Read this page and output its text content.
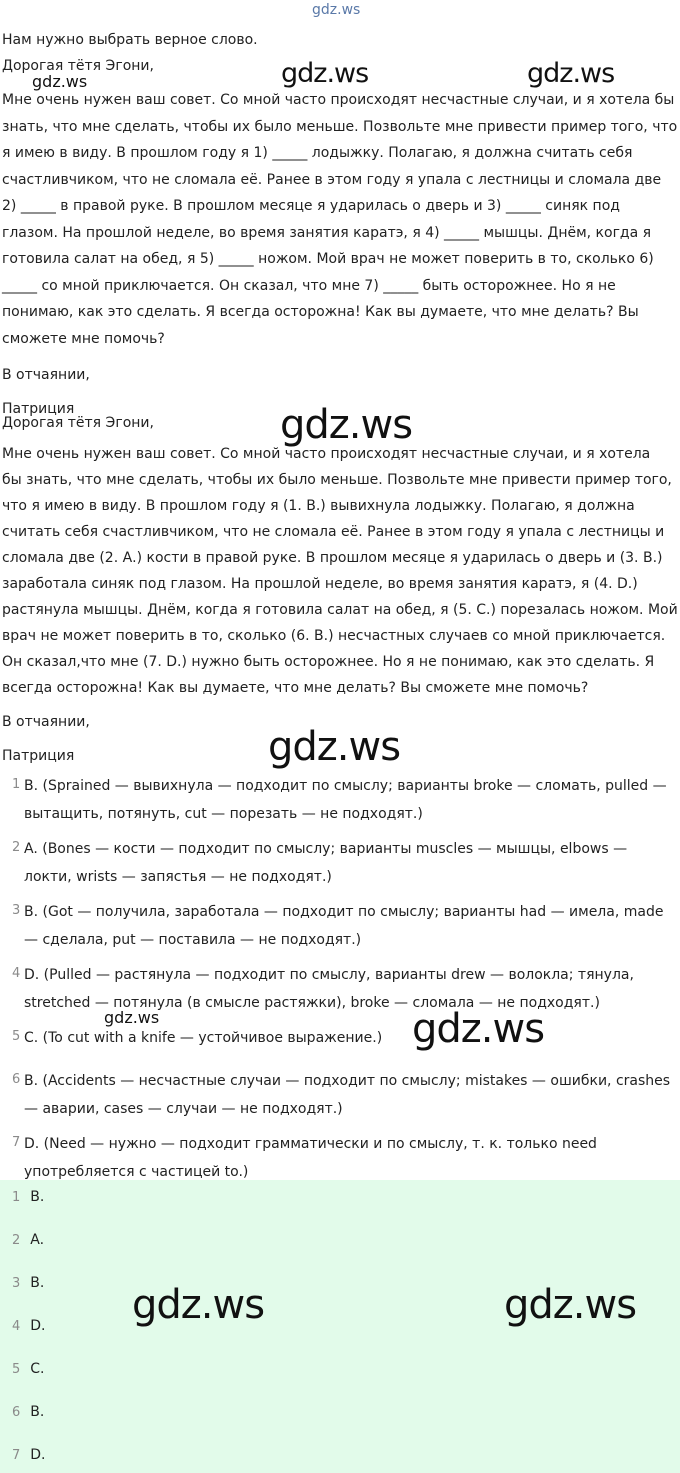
gdz.ws

Нам нужно выбрать верное слово.

Дорогая тётя Эгони,

Мне очень нужен ваш совет. Со мной часто происходят несчастные случаи, и я хотела бы знать, что мне сделать, чтобы их было меньше. Позвольте мне привести пример того, что я имею в виду. В прошлом году я 1) _____ лодыжку. Полагаю, я должна считать себя счастливчиком, что не сломала её. Ранее в этом году я упала с лестницы и сломала две 2) _____ в правой руке. В прошлом месяце я ударилась о дверь и 3) _____ синяк под глазом. На прошлой неделе, во время занятия каратэ, я 4) _____ мышцы. Днём, когда я готовила салат на обед, я 5) _____ ножом. Мой врач не может поверить в то, сколько 6) _____ со мной приключается. Он сказал, что мне 7) _____ быть осторожнее. Но я не понимаю, как это сделать. Я всегда осторожна! Как вы думаете, что мне делать? Вы сможете мне помочь?

В отчаянии,

Патриция

Дорогая тётя Эгони,

Мне очень нужен ваш совет. Со мной часто происходят несчастные случаи, и я хотела

бы знать, что мне сделать, чтобы их было меньше. Позвольте мне привести пример того,

что я имею в виду. В прошлом году я (1. В.) вывихнула лодыжку. Полагаю, я должна

считать себя счастливчиком, что не сломала её. Ранее в этом году я упала с лестницы и

сломала две (2. А.) кости в правой руке. В прошлом месяце я ударилась о дверь и (3. В.)

заработала синяк под глазом. На прошлой неделе, во время занятия каратэ, я (4. D.)

растянула мышцы. Днём, когда я готовила салат на обед, я (5. С.) порезалась ножом. Мой

врач не может поверить в то, сколько (6. В.) несчастных случаев со мной приключается.

Он сказал,что мне (7. D.) нужно быть осторожнее. Но я не понимаю, как это сделать. Я

всегда осторожна! Как вы думаете, что мне делать? Вы сможете мне помочь?

В отчаянии,

Патриция

1 B. (Sprained — вывихнула — подходит по смыслу; варианты broke — сломать, pulled — вытащить, потянуть, cut — порезать — не подходят.)
2 A. (Bones — кости — подходит по смыслу; варианты muscles — мышцы, elbows — локти, wrists — запястья — не подходят.)
3 B. (Got — получила, заработала — подходит по смыслу; варианты had — имела, made — сделала, put — поставила — не подходят.)
4 D. (Pulled — растянула — подходит по смыслу, варианты drew — волокла; тянула, stretched — потянула (в смысле растяжки), broke — сломала — не подходят.)
5 C. (To cut with a knife — устойчивое выражение.)
6 B. (Accidents — несчастные случаи — подходит по смыслу; mistakes — ошибки, crashes — аварии, cases — случаи — не подходят.)
7 D. (Need — нужно — подходит грамматически и по смыслу, т. к. только need употребляется с частицей to.)
1 B.
2 A.
3 B.
4 D.
5 C.
6 B.
7 D.
gdz.ws	gdz.ws	gdz.ws
gdz.ws
gdz.ws
gdz.ws	gdz.ws
gdz.ws	gdz.ws
